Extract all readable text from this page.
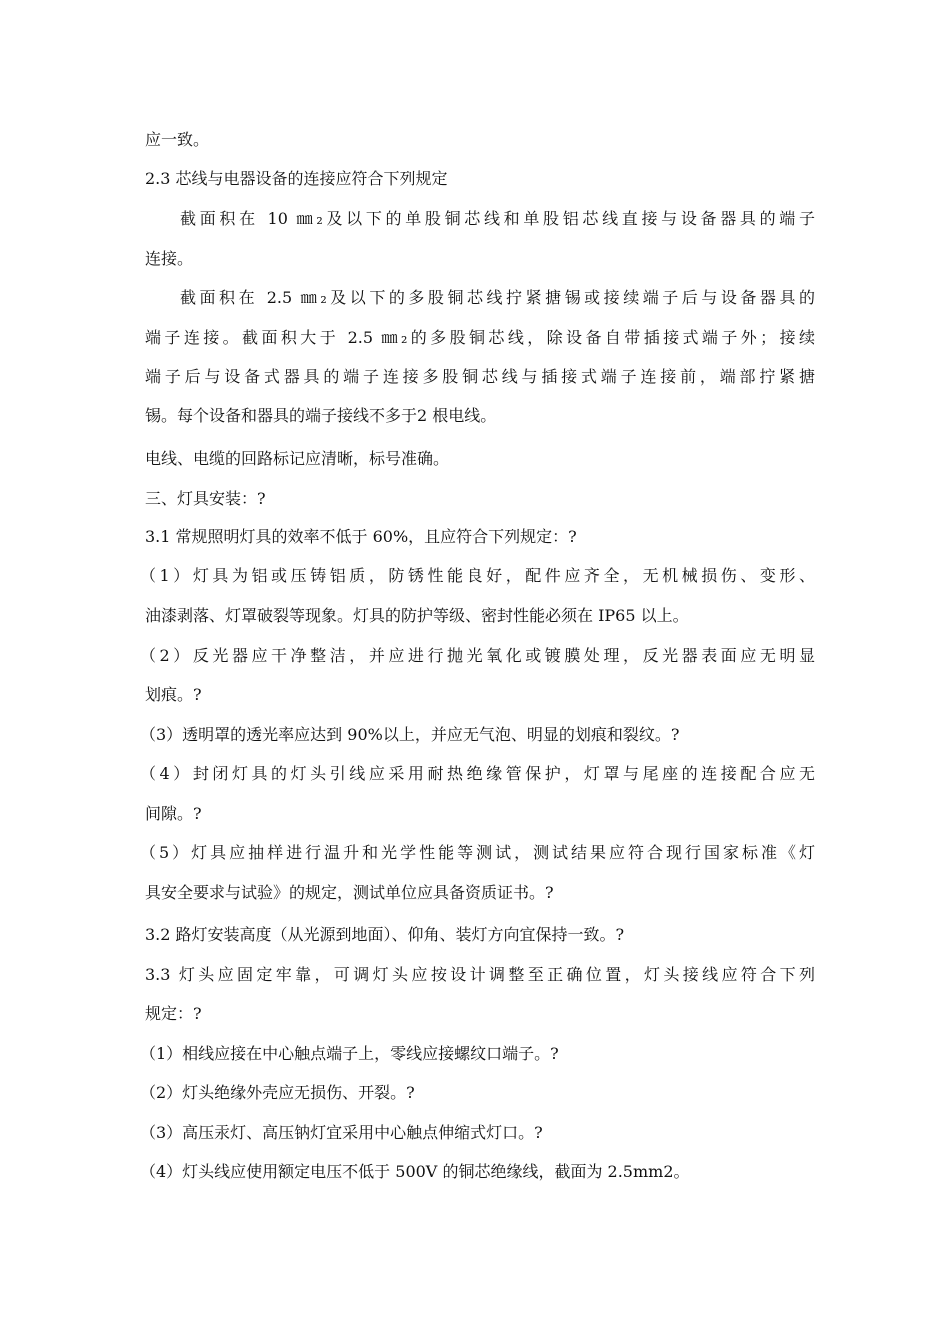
应一致。
2.3 芯线与电器设备的连接应符合下列规定
截面积在 10 ㎜₂及以下的单股铜芯线和单股铝芯线直接与设备器具的端子
连接。
截面积在 2.5 ㎜₂及以下的多股铜芯线拧紧搪锡或接续端子后与设备器具的
端子连接。截面积大于 2.5 ㎜₂的多股铜芯线，除设备自带插接式端子外；接续
端子后与设备式器具的端子连接多股铜芯线与插接式端子连接前，端部拧紧搪
锡。每个设备和器具的端子接线不多于2 根电线。
电线、电缆的回路标记应清晰，标号准确。
三、灯具安装：?
3.1 常规照明灯具的效率不低于 60%，且应符合下列规定：?
（1）灯具为铝或压铸铝质，防锈性能良好，配件应齐全，无机械损伤、变形、
油漆剥落、灯罩破裂等现象。灯具的防护等级、密封性能必须在 IP65 以上。
（2）反光器应干净整洁，并应进行抛光氧化或镀膜处理，反光器表面应无明显
划痕。?
（3）透明罩的透光率应达到 90%以上，并应无气泡、明显的划痕和裂纹。?
（4）封闭灯具的灯头引线应采用耐热绝缘管保护，灯罩与尾座的连接配合应无
间隙。?
（5）灯具应抽样进行温升和光学性能等测试，测试结果应符合现行国家标准《灯
具安全要求与试验》的规定，测试单位应具备资质证书。?
3.2 路灯安装高度（从光源到地面）、仰角、装灯方向宜保持一致。?
3.3 灯头应固定牢靠，可调灯头应按设计调整至正确位置，灯头接线应符合下列
规定：?
（1）相线应接在中心触点端子上，零线应接螺纹口端子。?
（2）灯头绝缘外壳应无损伤、开裂。?
（3）高压汞灯、高压钠灯宜采用中心触点伸缩式灯口。?
（4）灯头线应使用额定电压不低于 500V 的铜芯绝缘线，截面为 2.5mm2。
